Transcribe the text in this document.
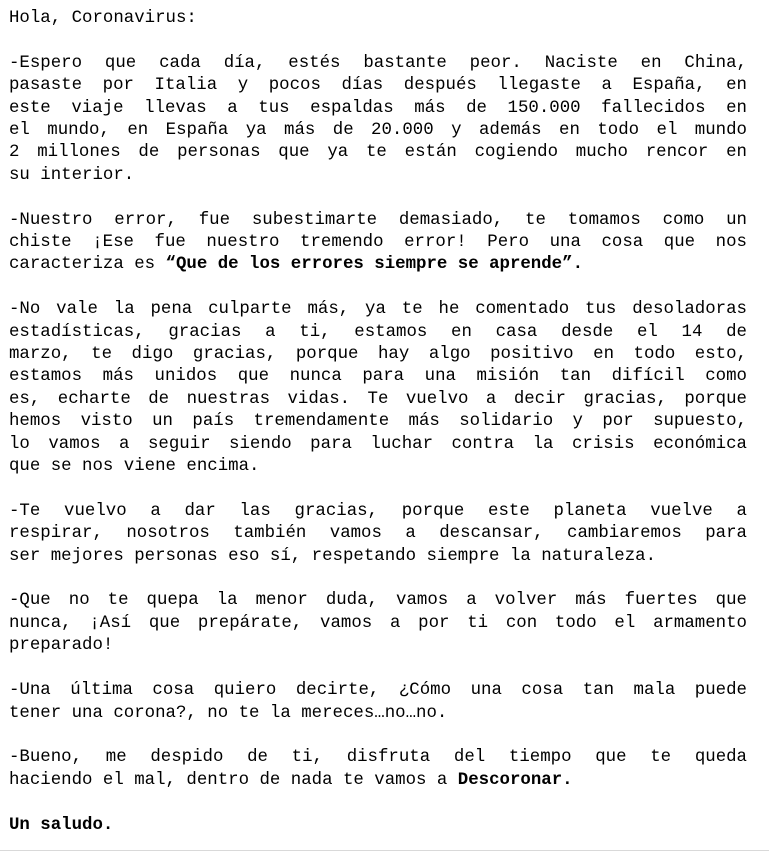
Hola, Coronavirus:

-Espero que cada día, estés bastante peor. Naciste en China,

pasaste por Italia y pocos días después llegaste a España, en

este viaje llevas a tus espaldas más de 150.000 fallecidos en

el mundo, en España ya más de 20.000 y además en todo el mundo

2 millones de personas que ya te están cogiendo mucho rencor en

su interior.

-Nuestro error, fue subestimarte demasiado, te tomamos como un

chiste ¡Ese fue nuestro tremendo error! Pero una cosa que nos

caracteriza es “Que de los errores siempre se aprende”.

-No vale la pena culparte más, ya te he comentado tus desoladoras

estadísticas, gracias a ti, estamos en casa desde el 14 de

marzo, te digo gracias, porque hay algo positivo en todo esto,

estamos más unidos que nunca para una misión tan difícil como

es, echarte de nuestras vidas. Te vuelvo a decir gracias, porque

hemos visto un país tremendamente más solidario y por supuesto,

lo vamos a seguir siendo para luchar contra la crisis económica

que se nos viene encima.

-Te vuelvo a dar las gracias, porque este planeta vuelve a

respirar, nosotros también vamos a descansar, cambiaremos para

ser mejores personas eso sí, respetando siempre la naturaleza.

-Que no te quepa la menor duda, vamos a volver más fuertes que

nunca, ¡Así que prepárate, vamos a por ti con todo el armamento

preparado!

-Una última cosa quiero decirte, ¿Cómo una cosa tan mala puede

tener una corona?, no te la mereces…no…no.

-Bueno, me despido de ti, disfruta del tiempo que te queda

haciendo el mal, dentro de nada te vamos a Descoronar.

Un saludo.
